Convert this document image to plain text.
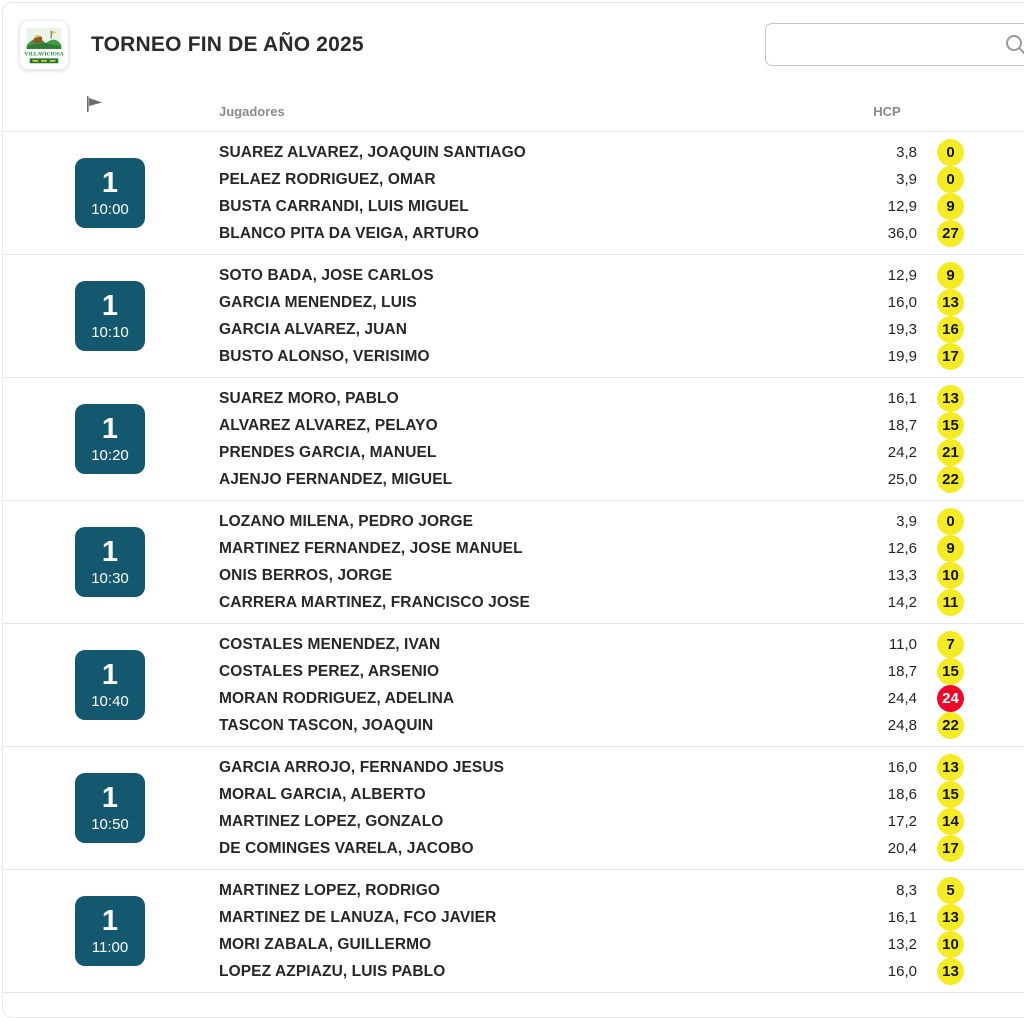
VILLAVICIOSA TORNEO FIN DE AÑO 2025
Jugadores	HCP
1
10:00
SUAREZ ALVAREZ, JOAQUIN SANTIAGO	3,8	0
PELAEZ RODRIGUEZ, OMAR	3,9	0
BUSTA CARRANDI, LUIS MIGUEL	12,9	9
BLANCO PITA DA VEIGA, ARTURO	36,0	27
1
10:10
SOTO BADA, JOSE CARLOS	12,9	9
GARCIA MENENDEZ, LUIS	16,0	13
GARCIA ALVAREZ, JUAN	19,3	16
BUSTO ALONSO, VERISIMO	19,9	17
1
10:20
SUAREZ MORO, PABLO	16,1	13
ALVAREZ ALVAREZ, PELAYO	18,7	15
PRENDES GARCIA, MANUEL	24,2	21
AJENJO FERNANDEZ, MIGUEL	25,0	22
1
10:30
LOZANO MILENA, PEDRO JORGE	3,9	0
MARTINEZ FERNANDEZ, JOSE MANUEL	12,6	9
ONIS BERROS, JORGE	13,3	10
CARRERA MARTINEZ, FRANCISCO JOSE	14,2	11
1
10:40
COSTALES MENENDEZ, IVAN	11,0	7
COSTALES PEREZ, ARSENIO	18,7	15
MORAN RODRIGUEZ, ADELINA	24,4	24
TASCON TASCON, JOAQUIN	24,8	22
1
10:50
GARCIA ARROJO, FERNANDO JESUS	16,0	13
MORAL GARCIA, ALBERTO	18,6	15
MARTINEZ LOPEZ, GONZALO	17,2	14
DE COMINGES VARELA, JACOBO	20,4	17
1
11:00
MARTINEZ LOPEZ, RODRIGO	8,3	5
MARTINEZ DE LANUZA, FCO JAVIER	16,1	13
MORI ZABALA, GUILLERMO	13,2	10
LOPEZ AZPIAZU, LUIS PABLO	16,0	13
